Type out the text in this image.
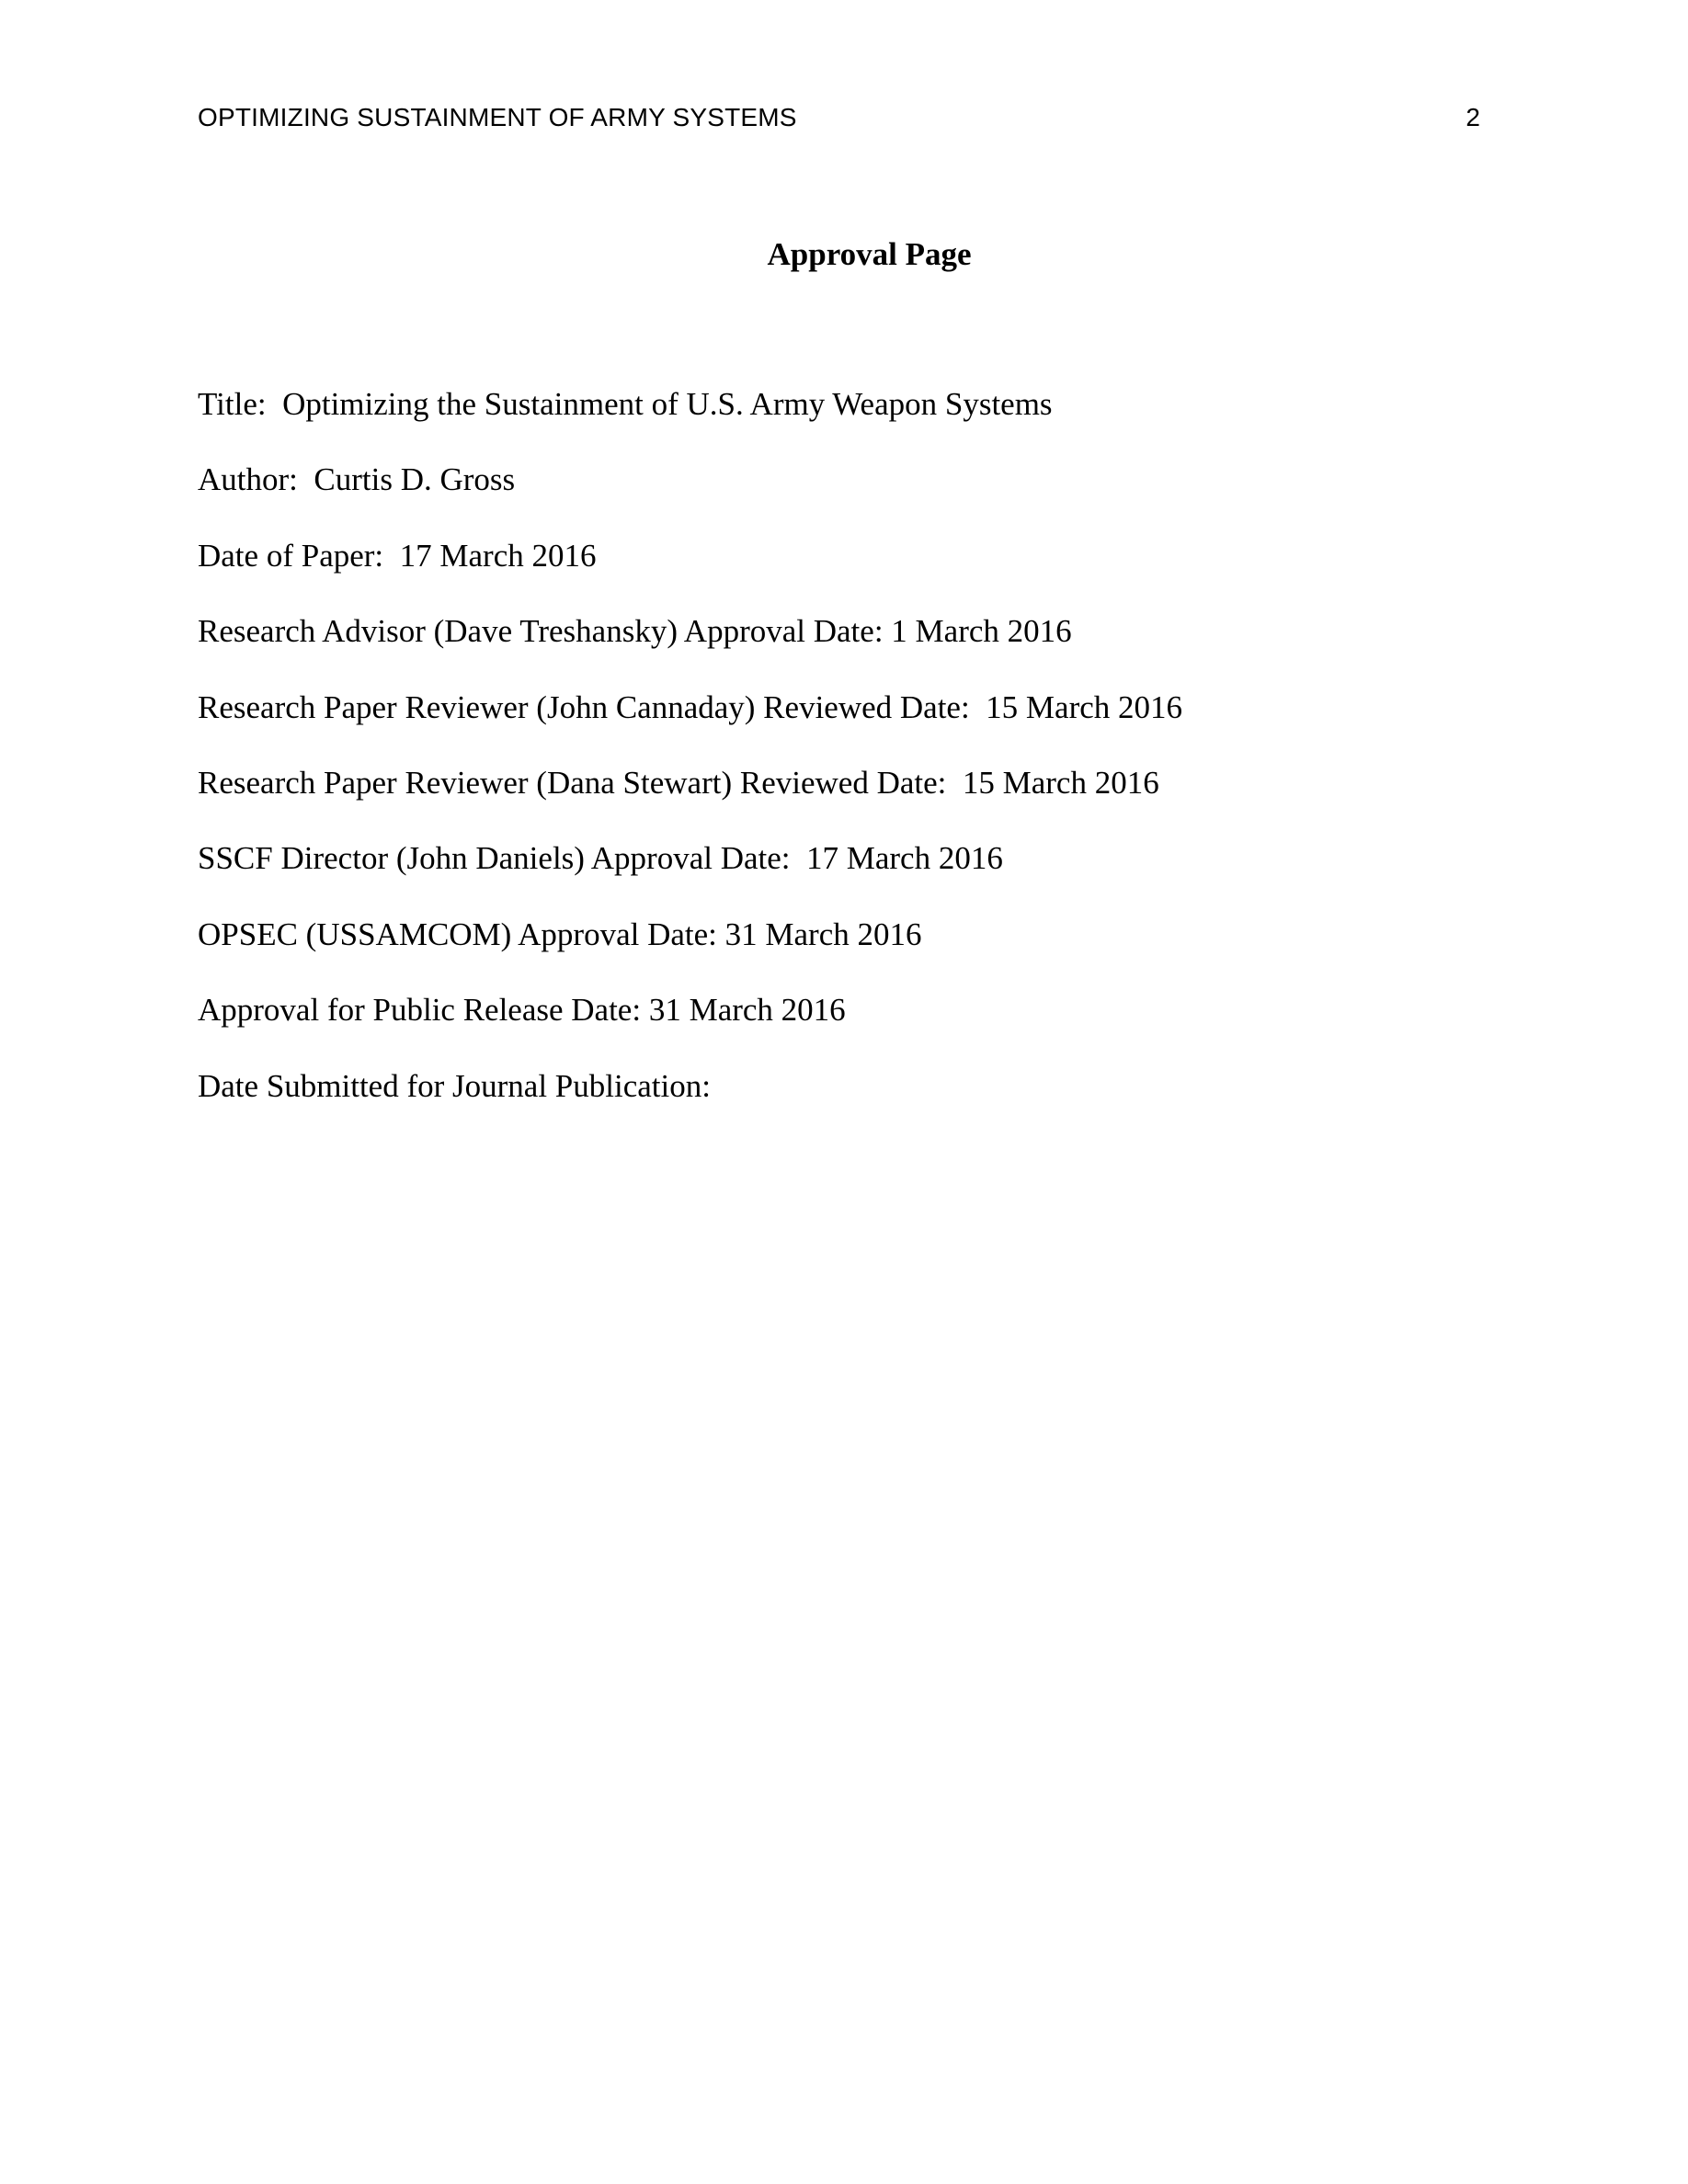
OPTIMIZING SUSTAINMENT OF ARMY SYSTEMS	2
Approval Page
Title:  Optimizing the Sustainment of U.S. Army Weapon Systems
Author:  Curtis D. Gross
Date of Paper:  17 March 2016
Research Advisor (Dave Treshansky) Approval Date: 1 March 2016
Research Paper Reviewer (John Cannaday) Reviewed Date:  15 March 2016
Research Paper Reviewer (Dana Stewart) Reviewed Date:  15 March 2016
SSCF Director (John Daniels) Approval Date:  17 March 2016
OPSEC (USSAMCOM) Approval Date: 31 March 2016
Approval for Public Release Date: 31 March 2016
Date Submitted for Journal Publication:
